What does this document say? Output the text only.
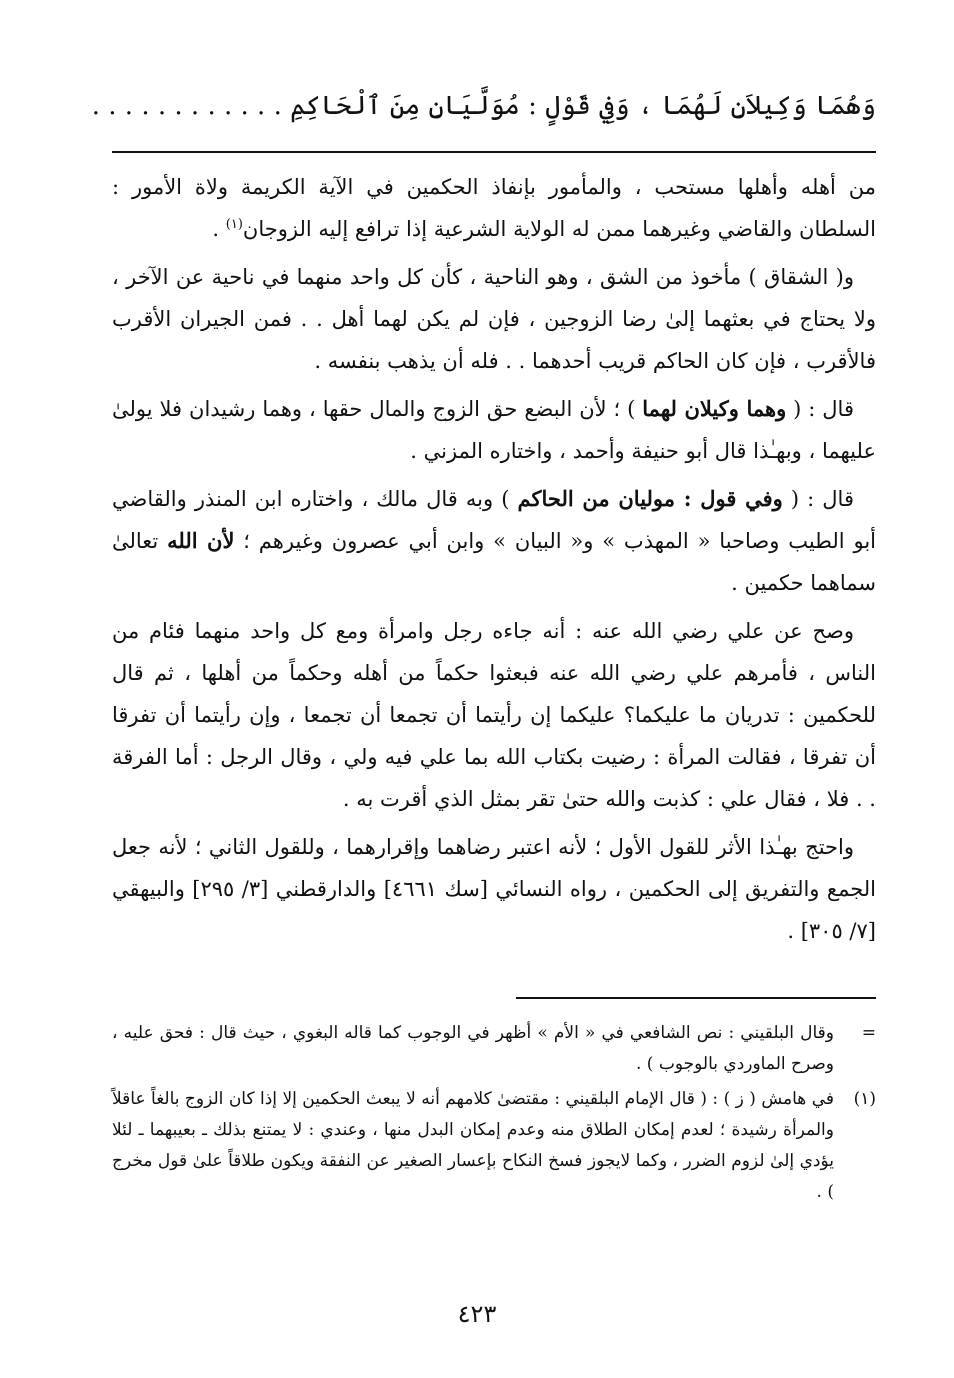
وَهُمَا وَكِيلاَنِ لَهُمَا ، وَفِي قَوْلٍ : مُوَلَّيَانِ مِنَ ٱلْحَاكِمِ . . . . . . . . . . . .

من أهله وأهلها مستحب ، والمأمور بإنفاذ الحكمين في الآية الكريمة ولاة الأمور : السلطان والقاضي وغيرهما ممن له الولاية الشرعية إذا ترافع إليه الزوجان$^{(١)}$ .

و( الشقاق ) مأخوذ من الشق ، وهو الناحية ، كأن كل واحد منهما في ناحية عن الآخر ، ولا يحتاج في بعثهما إلىٰ رضا الزوجين ، فإن لم يكن لهما أهل . . فمن الجيران الأقرب فالأقرب ، فإن كان الحاكم قريب أحدهما . . فله أن يذهب بنفسه .

قال : ( وهما وكيلان لهما ) ؛ لأن البضع حق الزوج والمال حقها ، وهما رشيدان فلا يولىٰ عليهما ، وبهـٰذا قال أبو حنيفة وأحمد ، واختاره المزني .

قال : ( وفي قول : موليان من الحاكم ) وبه قال مالك ، واختاره ابن المنذر والقاضي أبو الطيب وصاحبا « المهذب » و« البيان » وابن أبي عصرون وغيرهم ؛ لأن الله تعالىٰ سماهما حكمين .

وصح عن علي رضي الله عنه : أنه جاءه رجل وامرأة ومع كل واحد منهما فئام من الناس ، فأمرهم علي رضي الله عنه فبعثوا حكماً من أهله وحكماً من أهلها ، ثم قال للحكمين : تدريان ما عليكما؟ عليكما إن رأيتما أن تجمعا أن تجمعا ، وإن رأيتما أن تفرقا أن تفرقا ، فقالت المرأة : رضيت بكتاب الله بما علي فيه ولي ، وقال الرجل : أما الفرقة . . فلا ، فقال علي : كذبت والله حتىٰ تقر بمثل الذي أقرت به .

واحتج بهـٰذا الأثر للقول الأول ؛ لأنه اعتبر رضاهما وإقرارهما ، وللقول الثاني ؛ لأنه جعل الجمع والتفريق إلى الحكمين ، رواه النسائي [سك ٤٦٦١] والدارقطني [٣/ ٢٩٥] والبيهقي [٧/ ٣٠٥] .

=
وقال البلقيني : نص الشافعي في « الأم » أظهر في الوجوب كما قاله البغوي ، حيث قال : فحق عليه ، وصرح الماوردي بالوجوب ) .
(١)
في هامش ( ز ) : ( قال الإمام البلقيني : مقتضىٰ كلامهم أنه لا يبعث الحكمين إلا إذا كان الزوج بالغاً عاقلاً والمرأة رشيدة ؛ لعدم إمكان الطلاق منه وعدم إمكان البدل منها ، وعندي : لا يمتنع بذلك ـ بعيبهما ـ لئلا يؤدي إلىٰ لزوم الضرر ، وكما لايجوز فسخ النكاح بإعسار الصغير عن النفقة ويكون طلاقاً علىٰ قول مخرج ) .
٤٢٣
